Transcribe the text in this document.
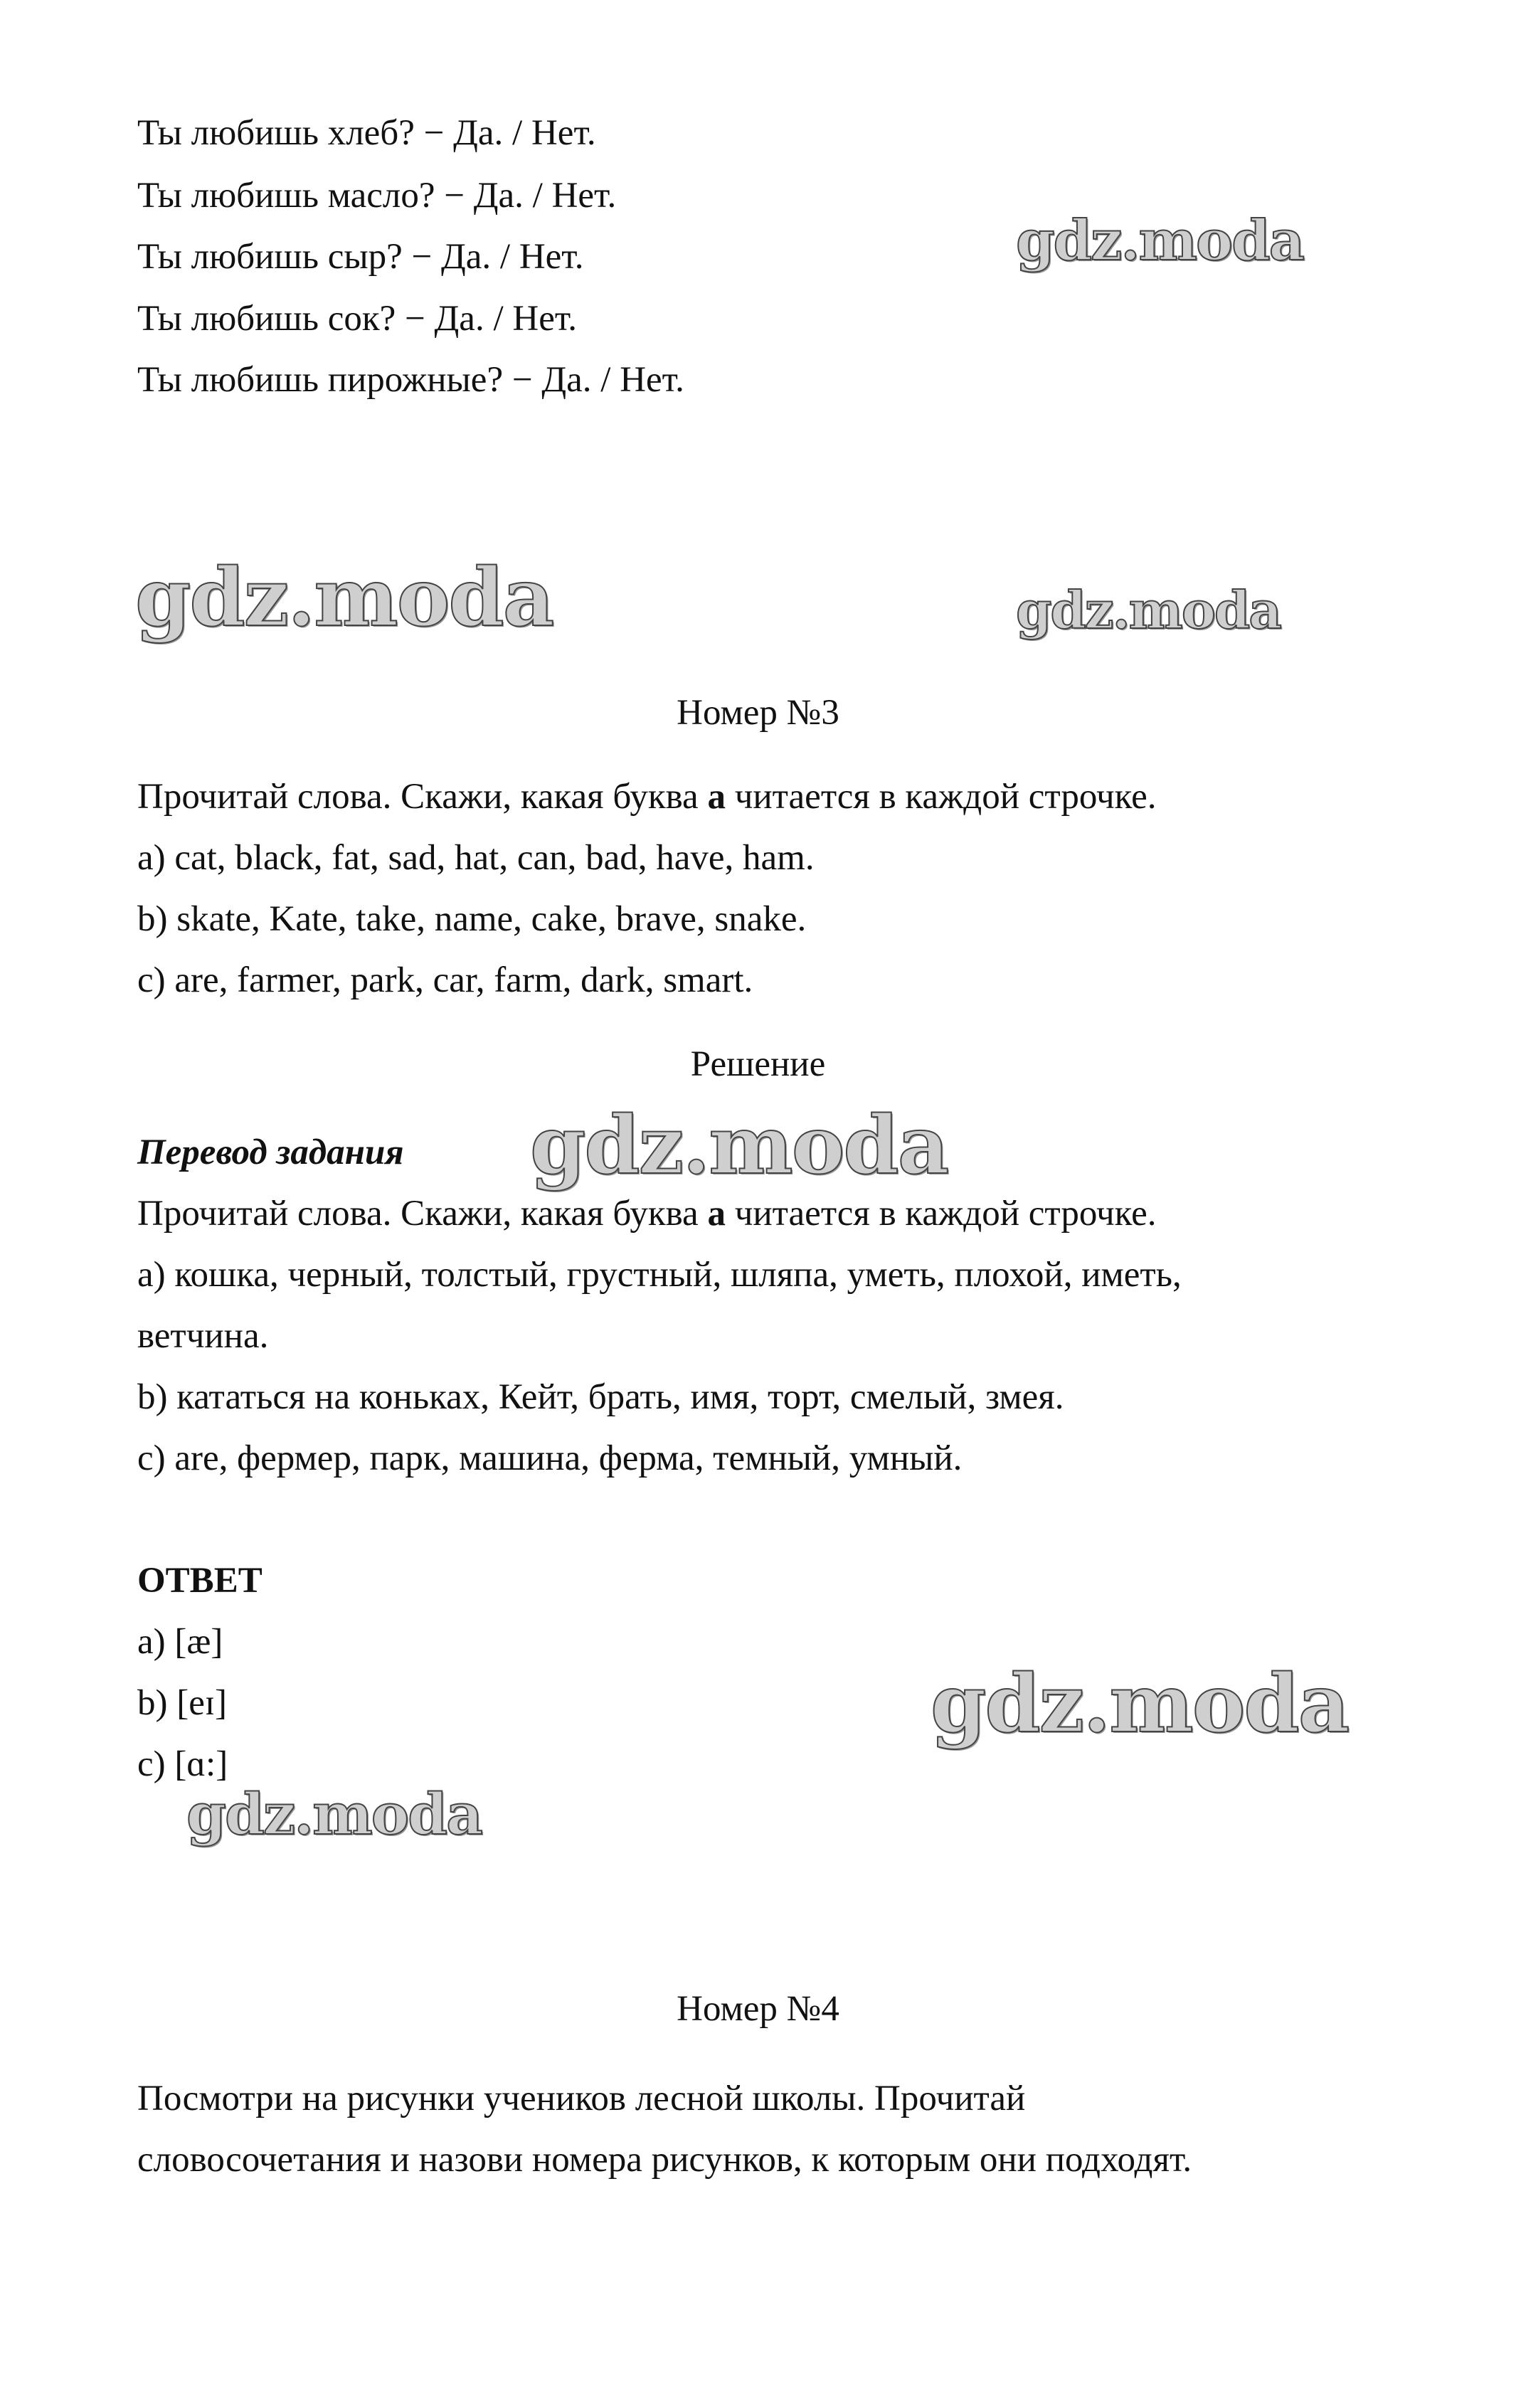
Ты любишь хлеб? − Да. / Нет.
Ты любишь масло? − Да. / Нет.
Ты любишь сыр? − Да. / Нет.
Ты любишь сок? − Да. / Нет.
Ты любишь пирожные? − Да. / Нет.
gdz.moda
gdz.moda	gdz.moda
gdz.moda
gdz.moda
gdz.moda
Номер №3
Прочитай слова. Скажи, какая буква a читается в каждой строчке.
a) cat, black, fat, sad, hat, can, bad, have, ham.
b) skate, Kate, take, name, cake, brave, snake.
c) are, farmer, park, car, farm, dark, smart.
Решение
Перевод задания
Прочитай слова. Скажи, какая буква a читается в каждой строчке.
a) кошка, черный, толстый, грустный, шляпа, уметь, плохой, иметь,
ветчина.
b) кататься на коньках, Кейт, брать, имя, торт, смелый, змея.
c) are, фермер, парк, машина, ферма, темный, умный.
ОТВЕТ
a) [æ]
b) [eɪ]
c) [ɑ:]
Номер №4
Посмотри на рисунки учеников лесной школы. Прочитай
словосочетания и назови номера рисунков, к которым они подходят.
